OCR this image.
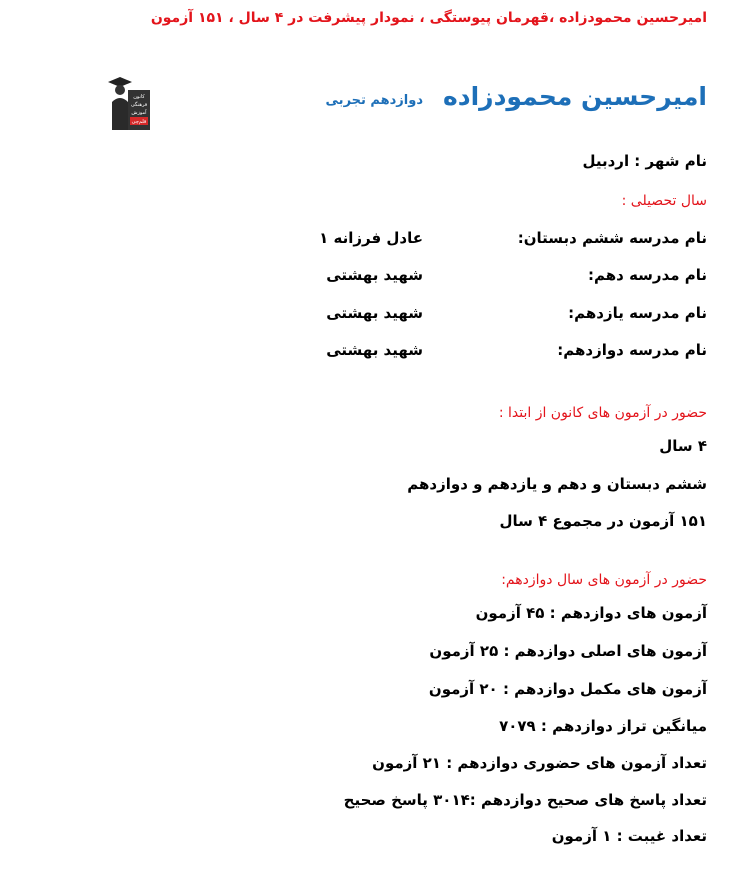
امیرحسین محمودزاده ،قهرمان پیوستگی ، نمودار پیشرفت در ۴ سال ، ۱۵۱ آزمون
امیرحسین محمودزاده
دوازدهم تجربی
کانون
فرهنگی
آموزش
قلم‌چی
نام شهر : اردبیل
سال تحصیلی :
نام مدرسه ششم دبستان:
عادل فرزانه ۱
نام مدرسه دهم:
شهید بهشتی
نام مدرسه یازدهم:
شهید بهشتی
نام مدرسه دوازدهم:
شهید بهشتی
حضور در آزمون های کانون از ابتدا :
۴ سال
ششم دبستان و دهم و یازدهم و دوازدهم
۱۵۱ آزمون در مجموع ۴ سال
حضور در آزمون های سال دوازدهم:
آزمون های دوازدهم : ۴۵ آزمون
آزمون های اصلی دوازدهم : ۲۵ آزمون
آزمون های مکمل دوازدهم : ۲۰ آزمون
میانگین تراز دوازدهم : ۷۰۷۹
تعداد آزمون های حضوری دوازدهم : ۲۱ آزمون
تعداد پاسخ های صحیح دوازدهم :۳۰۱۴ پاسخ صحیح
تعداد غیبت : ۱ آزمون
